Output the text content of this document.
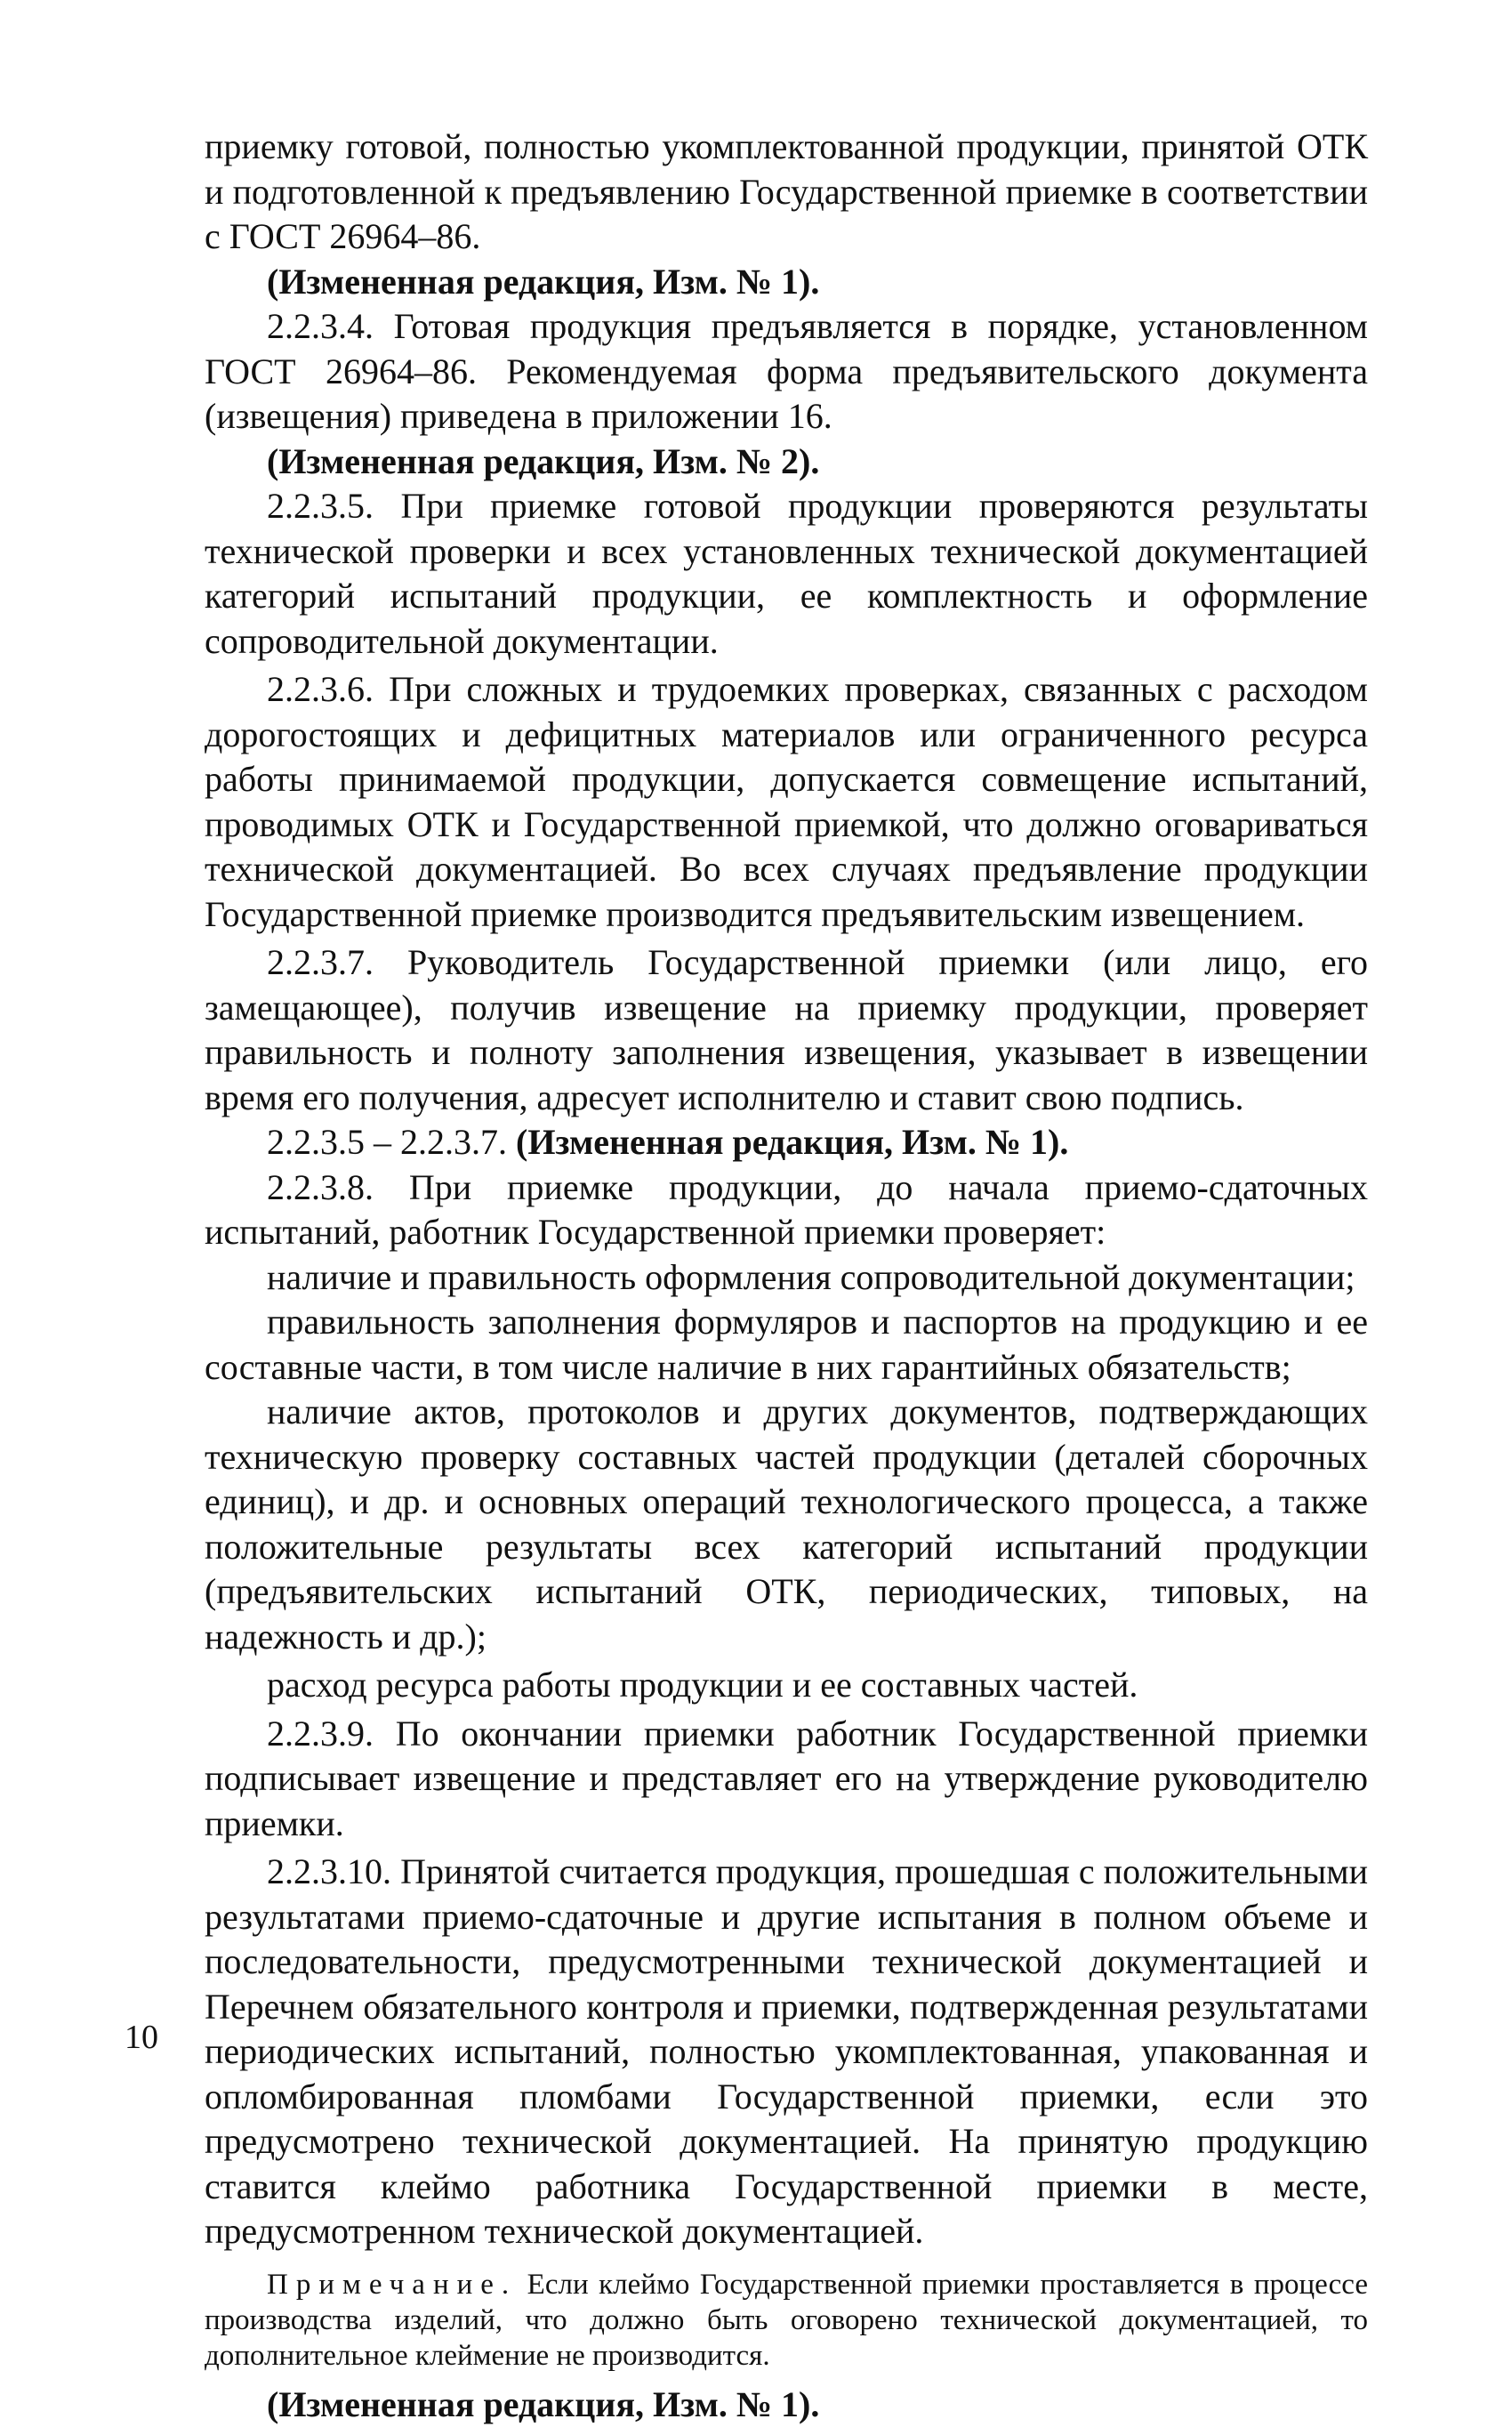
приемку готовой, полностью укомплектованной продукции, принятой ОТК и подготовленной к предъявлению Государственной приемке в соответствии с ГОСТ 26964–86.

(Измененная редакция, Изм. № 1).

2.2.3.4. Готовая продукция предъявляется в порядке, установленном ГОСТ 26964–86. Рекомендуемая форма предъявительского документа (извещения) приведена в приложении 16.

(Измененная редакция, Изм. № 2).

2.2.3.5. При приемке готовой продукции проверяются результаты технической проверки и всех установленных технической документацией категорий испытаний продукции, ее комплектность и оформление сопроводительной документации.

2.2.3.6. При сложных и трудоемких проверках, связанных с расходом дорогостоящих и дефицитных материалов или ограниченного ресурса работы принимаемой продукции, допускается совмещение испытаний, проводимых ОТК и Государственной приемкой, что должно оговариваться технической документацией. Во всех случаях предъявление продукции Государственной приемке производится предъявительским извещением.

2.2.3.7. Руководитель Государственной приемки (или лицо, его замещающее), получив извещение на приемку продукции, проверяет правильность и полноту заполнения извещения, указывает в извещении время его получения, адресует исполнителю и ставит свою подпись.

2.2.3.5 – 2.2.3.7. (Измененная редакция, Изм. № 1).

2.2.3.8. При приемке продукции, до начала приемо-сдаточных испытаний, работник Государственной приемки проверяет:

наличие и правильность оформления сопроводительной документации;

правильность заполнения формуляров и паспортов на продукцию и ее составные части, в том числе наличие в них гарантийных обязательств;

наличие актов, протоколов и других документов, подтверждающих техническую проверку составных частей продукции (деталей сборочных единиц), и др. и основных операций технологического процесса, а также положительные результаты всех категорий испытаний продукции (предъявительских испытаний ОТК, периодических, типовых, на надежность и др.);

расход ресурса работы продукции и ее составных частей.

2.2.3.9. По окончании приемки работник Государственной приемки подписывает извещение и представляет его на утверждение руководителю приемки.

2.2.3.10. Принятой считается продукция, прошедшая с положительными результатами приемо-сдаточные и другие испытания в полном объеме и последовательности, предусмотренными технической документацией и Перечнем обязательного контроля и приемки, подтвержденная результатами периодических испытаний, полностью укомплектованная, упакованная и опломбированная пломбами Государственной приемки, если это предусмотрено технической документацией. На принятую продукцию ставится клеймо работника Государственной приемки в месте, предусмотренном технической документацией.

Примечание. Если клеймо Государственной приемки проставляется в процессе производства изделий, что должно быть оговорено технической документацией, то дополнительное клеймение не производится.

(Измененная редакция, Изм. № 1).

10
